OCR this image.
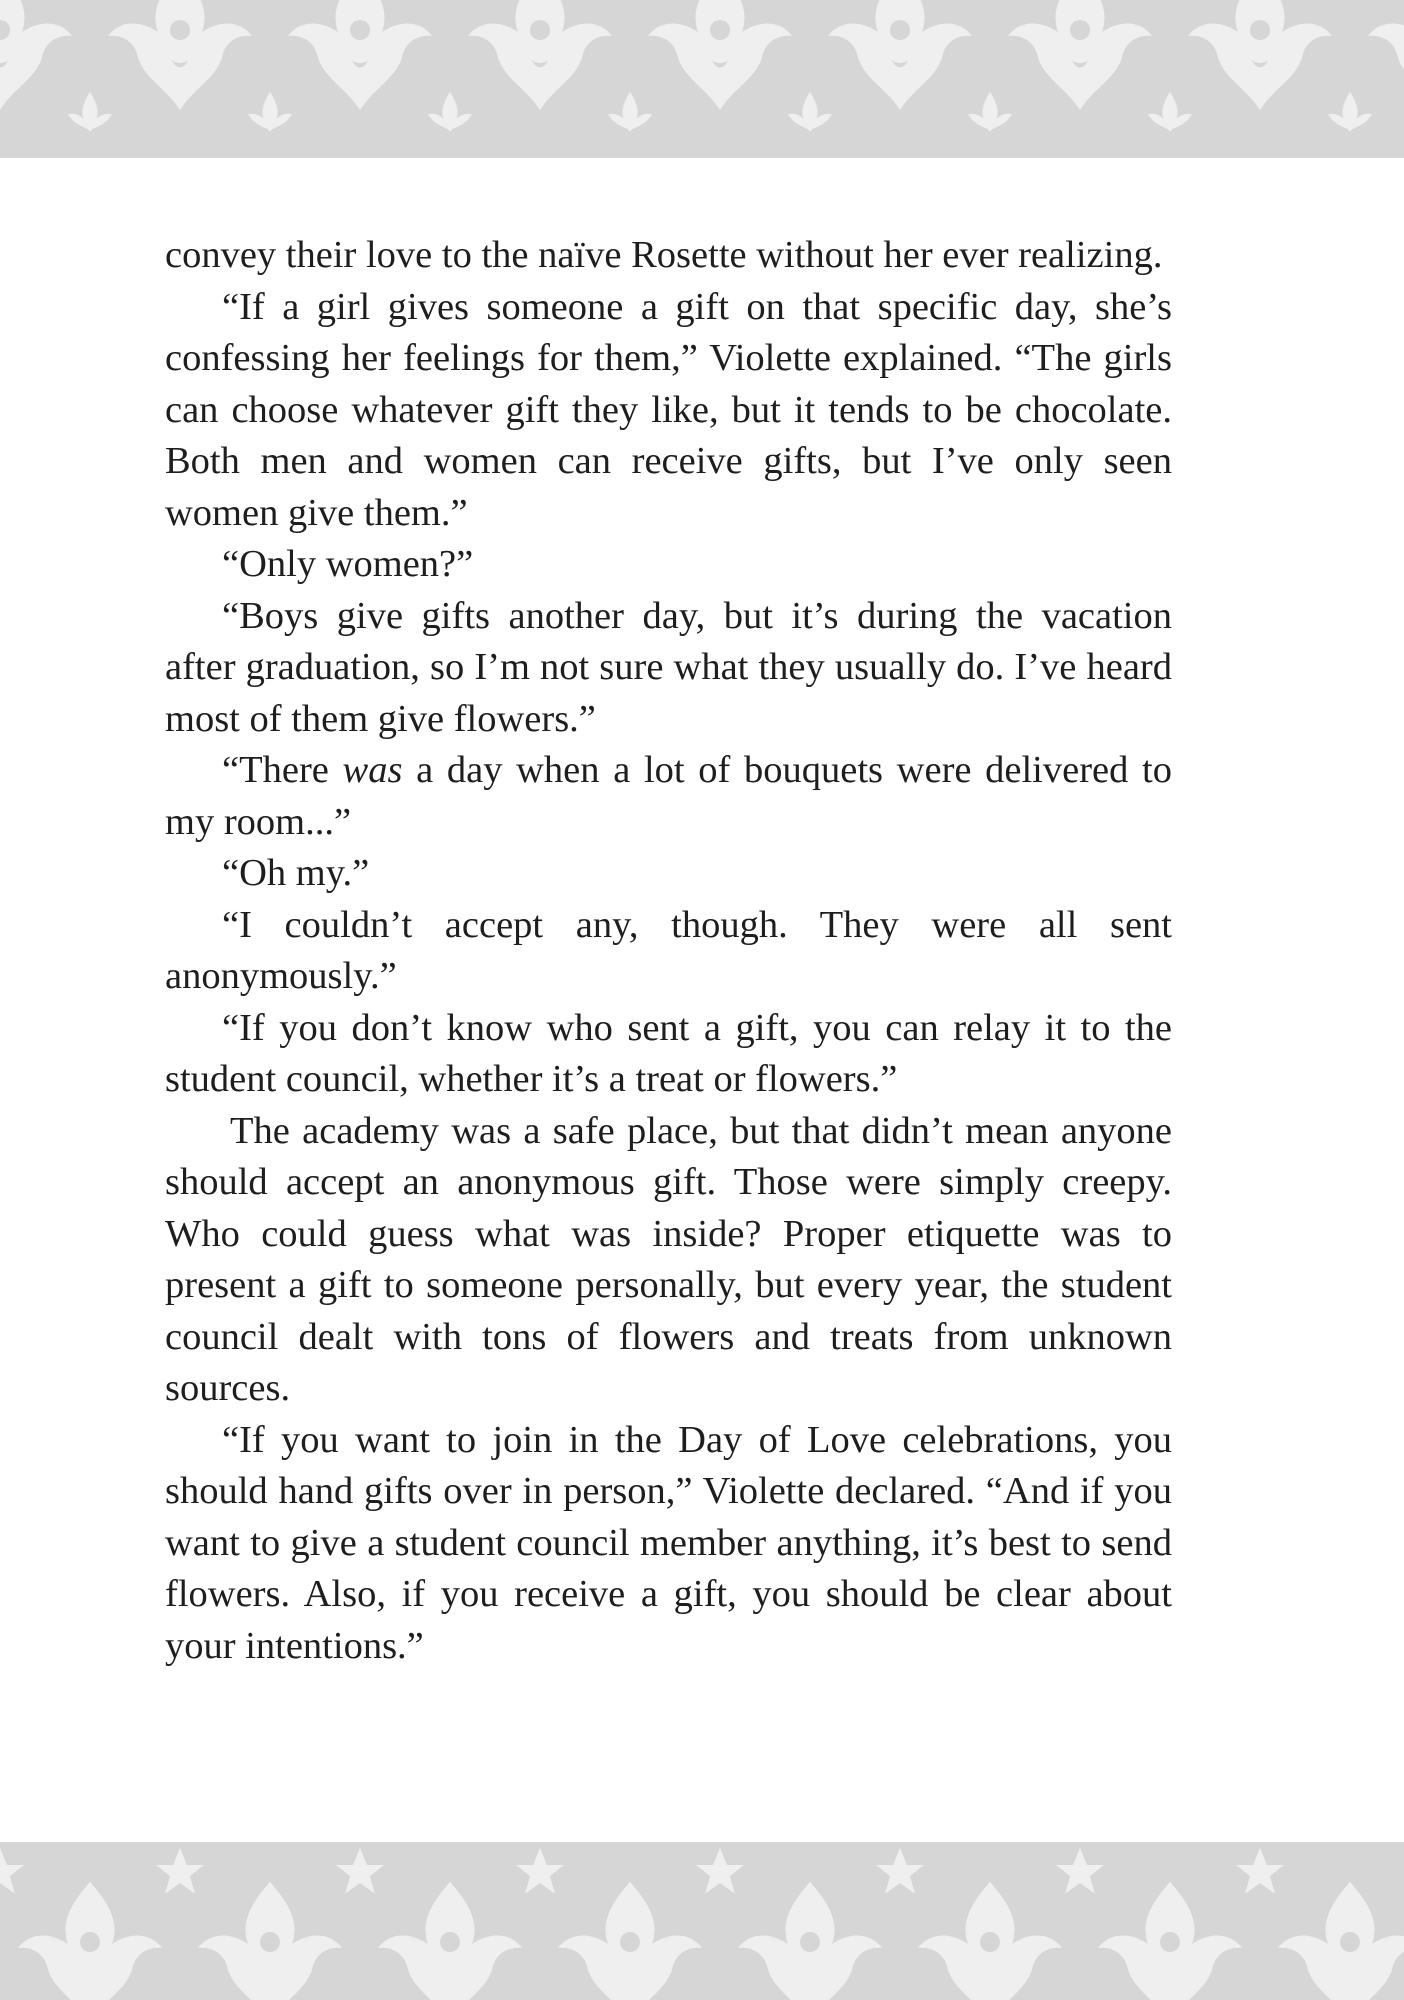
convey their love to the naïve Rosette without her ever realizing.

“If a girl gives someone a gift on that specific day, she’s confessing her feelings for them,” Violette explained. “The girls can choose whatever gift they like, but it tends to be chocolate. Both men and women can receive gifts, but I’ve only seen women give them.”

“Only women?”

“Boys give gifts another day, but it’s during the vacation after graduation, so I’m not sure what they usually do. I’ve heard most of them give flowers.”

“There was a day when a lot of bouquets were delivered to my room...”

“Oh my.”

“I couldn’t accept any, though. They were all sent anonymously.”

“If you don’t know who sent a gift, you can relay it to the student council, whether it’s a treat or flowers.”

The academy was a safe place, but that didn’t mean anyone should accept an anonymous gift. Those were simply creepy. Who could guess what was inside? Proper etiquette was to present a gift to someone personally, but every year, the student council dealt with tons of flowers and treats from unknown sources.

“If you want to join in the Day of Love celebrations, you should hand gifts over in person,” Violette declared. “And if you want to give a student council member anything, it’s best to send flowers. Also, if you receive a gift, you should be clear about your intentions.”
